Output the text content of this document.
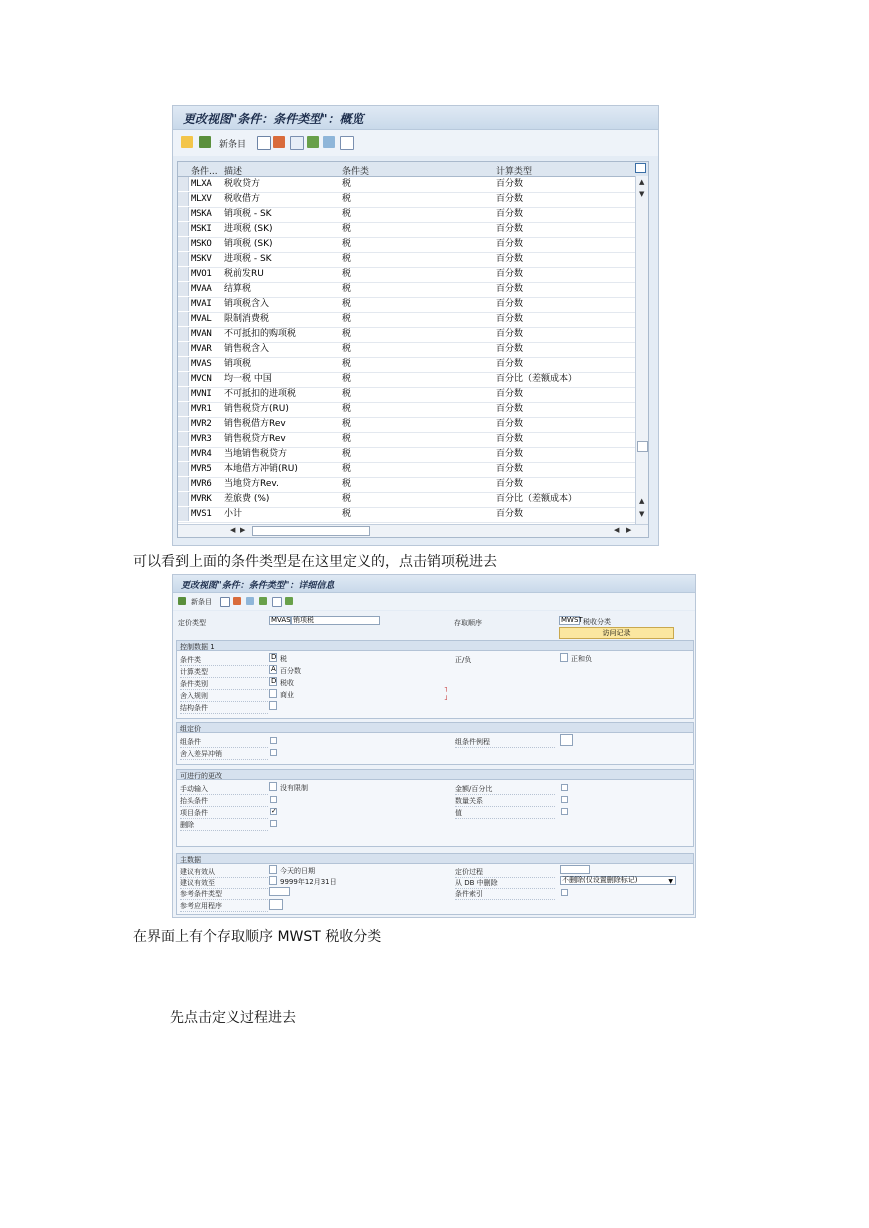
更改视图"条件：条件类型"：概览
新条目
条件... 描述	条件类	计算类型
MLXA 税收贷方	税	百分数
MLXV 税收借方	税	百分数
MSKA 销项税 - SK	税	百分数
MSKI 进项税 (SK)	税	百分数
MSKO 销项税 (SK)	税	百分数
MSKV 进项税 - SK	税	百分数
MVO1 税前发RU	税	百分数
MVAA 结算税	税	百分数
MVAI 销项税含入	税	百分数
MVAL 限制消费税	税	百分数
MVAN 不可抵扣的购项税	税	百分数
MVAR 销售税含入	税	百分数
MVAS 销项税	税	百分数
MVCN 均一税 中国	税	百分比（差额成本）
MVNI 不可抵扣的进项税	税	百分数
MVR1 销售税贷方(RU)	税	百分数
MVR2 销售税借方Rev	税	百分数
MVR3 销售税贷方Rev	税	百分数
MVR4 当地销售税贷方	税	百分数
MVR5 本地借方冲销(RU)	税	百分数
MVR6 当地贷方Rev.	税	百分数
MVRK 差旅费 (%)	税	百分比（差额成本）
MVS1 小计	税	百分数
▲
▼
▲
▼
◀ ▶	◀ ▶
可以看到上面的条件类型是在这里定义的，点击销项税进去
更改视图"条件：条件类型"：详细信息
新条目
定价类型	MVAS 销项税	存取顺序	MWST 税收分类
访问记录
控制数据 1
条件类	D 税
计算类型	A 百分数
条件类别	D 税收
舍入规则	商业
˥
˩
结构条件
正/负	正和负
组定价
组条件
舍入差异冲销
组条件例程
可进行的更改
手动输入	没有限制
抬头条件
项目条件	✓
删除
金额/百分比
数量关系
值
主数据
建议有效从	今天的日期
建议有效至	9999年12月31日
参考条件类型
参考应用程序
定价过程
从 DB 中删除	不删除(仅设置删除标记)	▼
条件索引
在界面上有个存取顺序 MWST 税收分类
先点击定义过程进去
